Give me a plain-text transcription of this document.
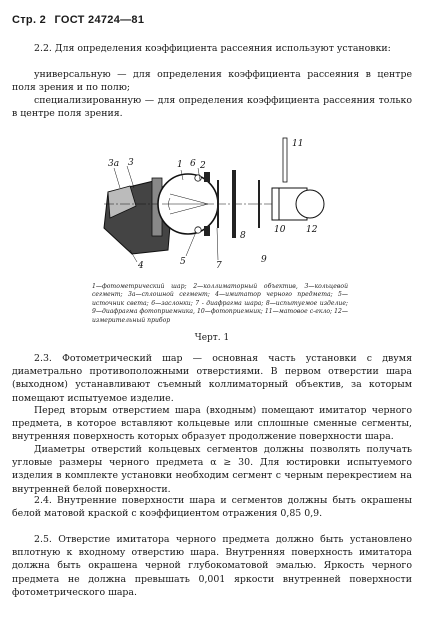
Стр. 2 ГОСТ 24724—81
2.2. Для определения коэффициента рассеяния используют установки:
универсальную — для определения коэффициента рассеяния в центре поля зрения и по полю;
специализированную — для определения коэффициента рассеяния только в центре поля зрения.
1 2
3
3a
4	5
6
7
8
9
10
11
12
1—фотометрический шар; 2—коллиматорный объектив, 3—кольцевой сегмент; 3а—сплошной сегмент; 4—имитатор черного предмета; 5—источник света; 6—заслонки; 7 - диафрагма шара; 8—испытуемое изделие; 9—диафрагма фотоприемника, 10—фотоприемник; 11—матовое с-екло; 12—измерительный прибор
Черт. 1
2.3. Фотометрический шар — основная часть установки с двумя диаметрально противоположными отверстиями. В первом отверстии шара (выходном) устанавливают съемный коллиматорный объектив, за которым помещают испытуемое изделие.
Перед вторым отверстием шара (входным) помещают имитатор черного предмета, в которое вставляют кольцевые или сплошные сменные сегменты, внутренняя поверхность которых образует продолжение поверхности шара.
Диаметры отверстий кольцевых сегментов должны позволять получать угловые размеры черного предмета α ≥ 30. Для юстировки испытуемого изделия в комплекте установки необходим сегмент с черным перекрестием на внутренней белой поверхности.
2.4. Внутренние поверхности шара и сегментов должны быть окрашены белой матовой краской с коэффициентом отражения 0,85 0,9.
2.5. Отверстие имитатора черного предмета должно быть установлено вплотную к входному отверстию шара. Внутренняя поверхность имитатора должна быть окрашена черной глубокоматовой эмалью. Яркость черного предмета не должна превышать 0,001 яркости внутренней поверхности фотометрического шара.
